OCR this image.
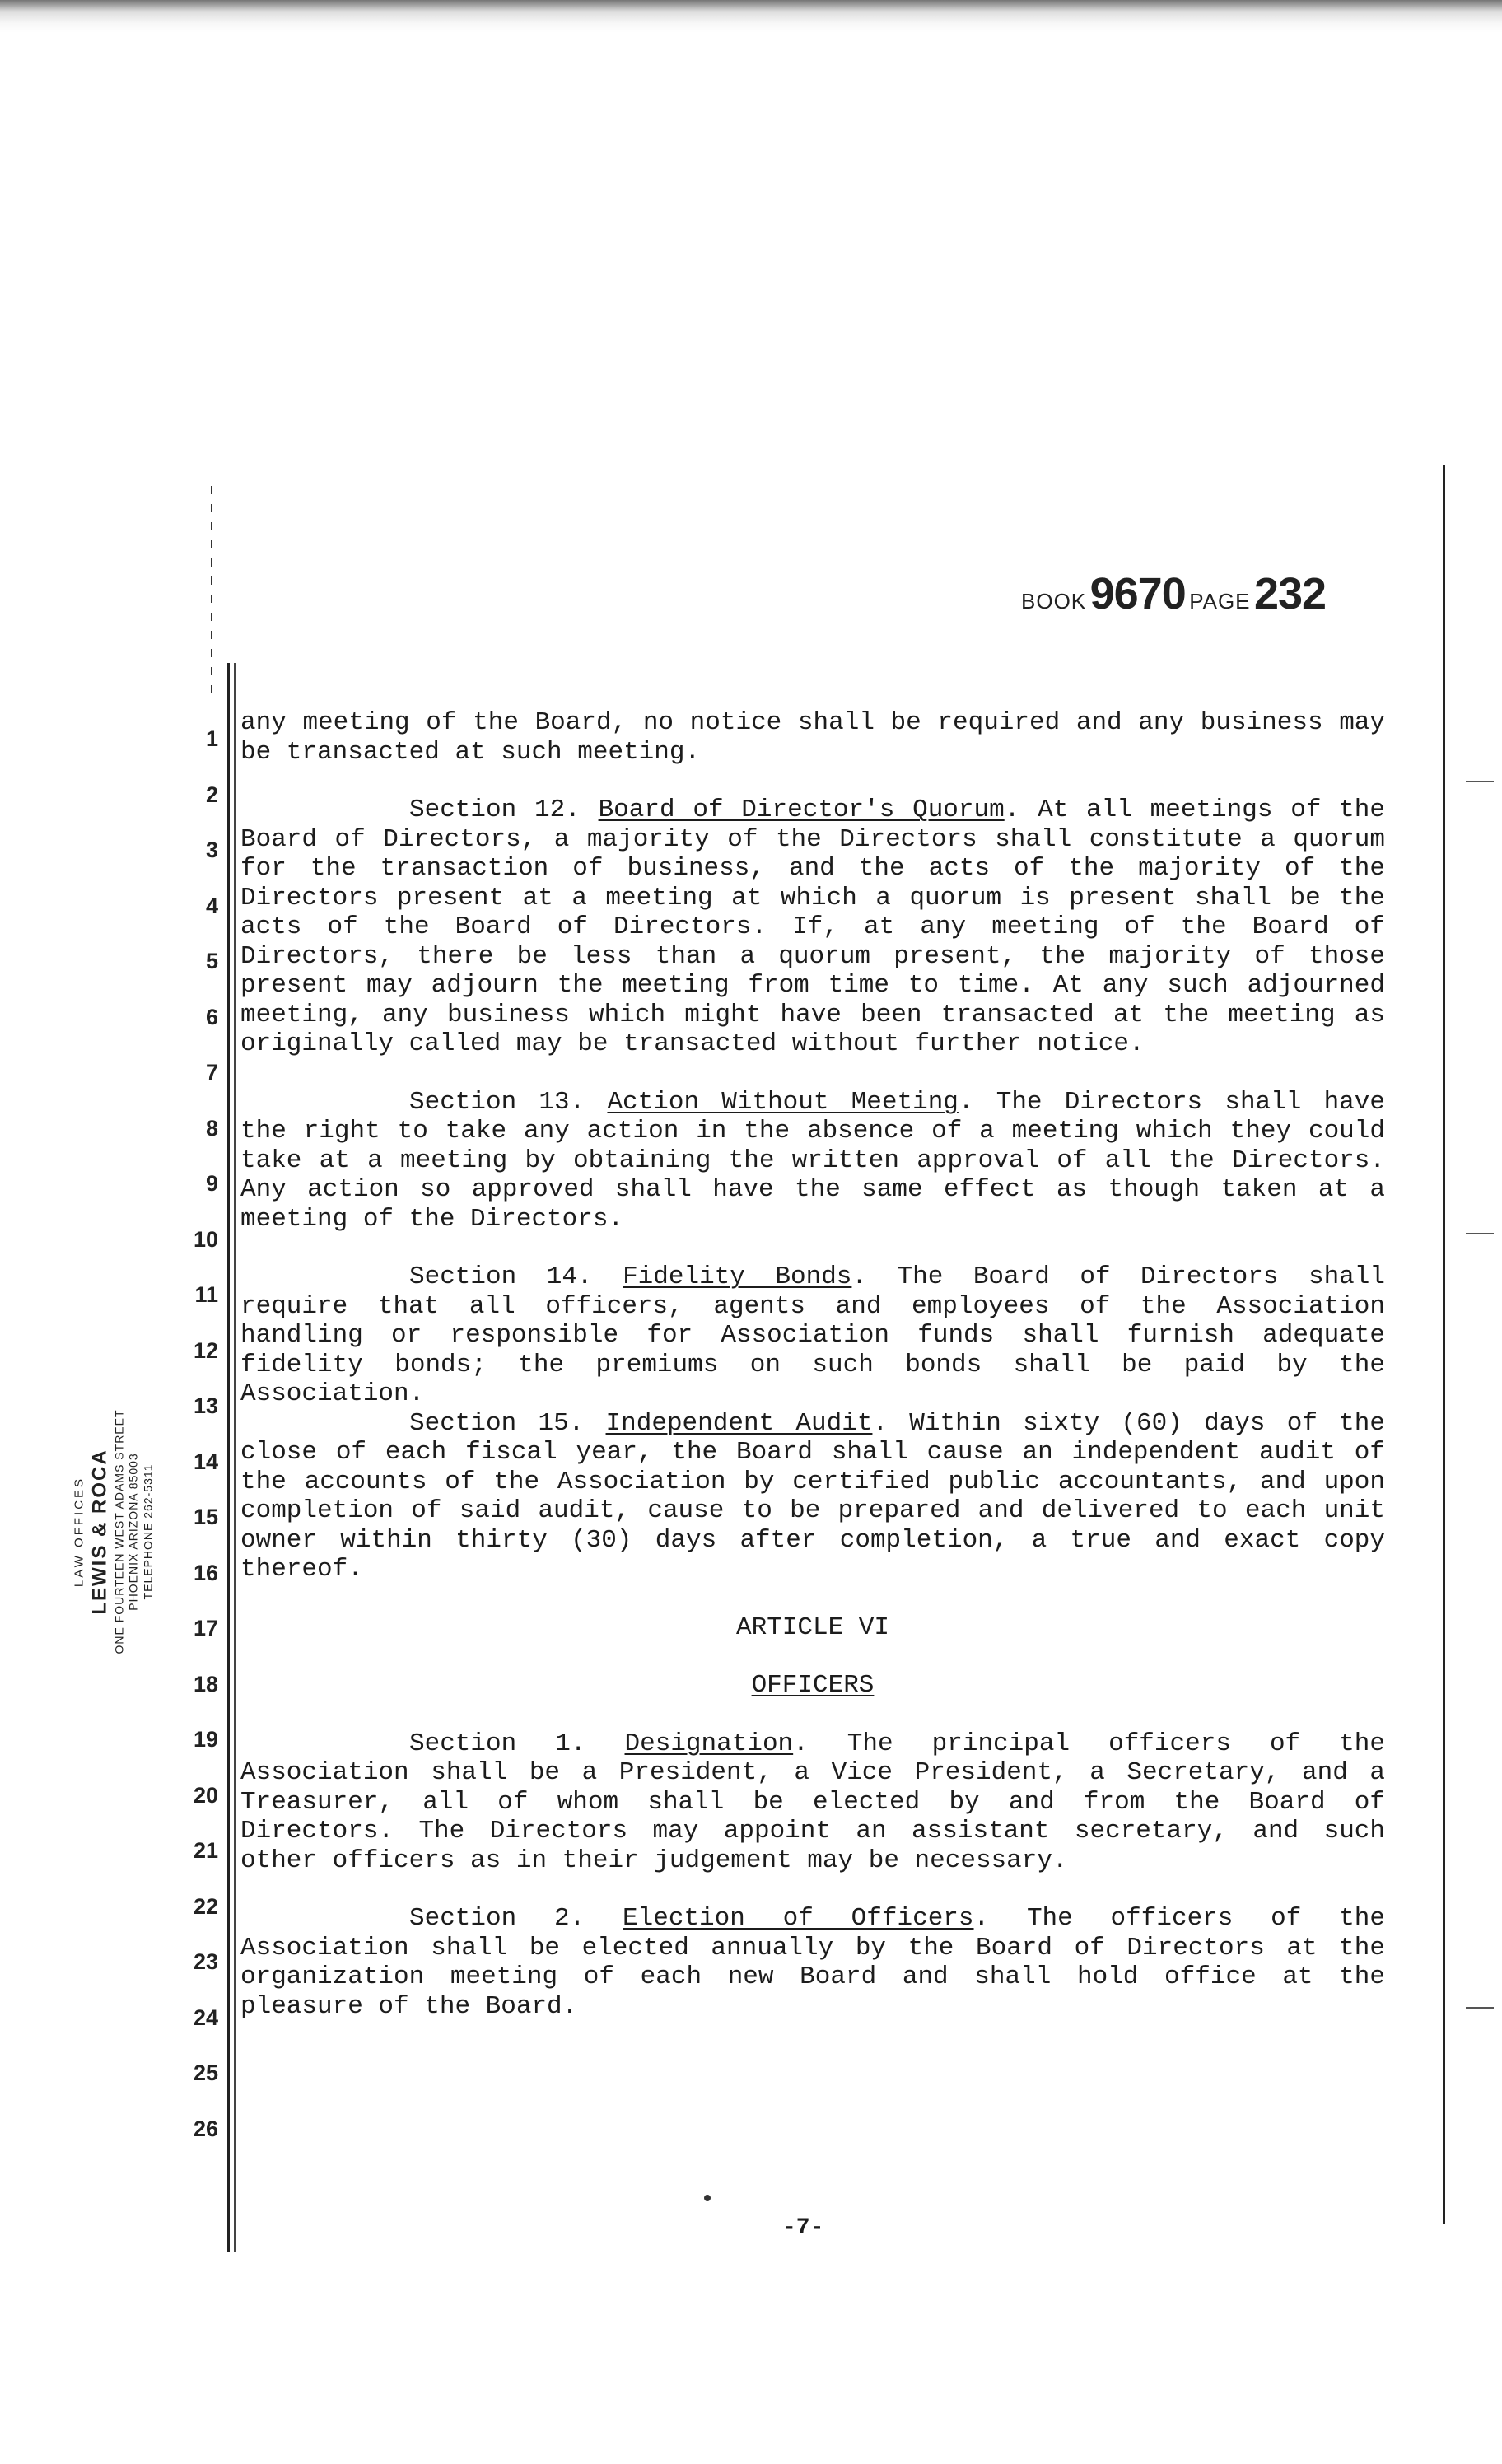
BOOK 9670 PAGE 232
LAW OFFICES LEWIS & ROCA ONE FOURTEEN WEST ADAMS STREET PHOENIX ARIZONA 85003 TELEPHONE 262-5311
1
2
3
4
5
6
7
8
9
10
11
12
13
14
15
16
17
18
19
20
21
22
23
24
25
26

any meeting of the Board, no notice shall be required and any business may be transacted at such meeting.

Section 12. Board of Director's Quorum. At all meetings of the Board of Directors, a majority of the Directors shall constitute a quorum for the transaction of business, and the acts of the majority of the Directors present at a meeting at which a quorum is present shall be the acts of the Board of Directors. If, at any meeting of the Board of Directors, there be less than a quorum present, the majority of those present may adjourn the meeting from time to time. At any such adjourned meeting, any business which might have been transacted at the meeting as originally called may be transacted without further notice.

Section 13. Action Without Meeting. The Directors shall have the right to take any action in the absence of a meeting which they could take at a meeting by obtaining the written approval of all the Directors. Any action so approved shall have the same effect as though taken at a meeting of the Directors.

Section 14. Fidelity Bonds. The Board of Directors shall require that all officers, agents and employees of the Association handling or responsible for Association funds shall furnish adequate fidelity bonds; the premiums on such bonds shall be paid by the Association.

Section 15. Independent Audit. Within sixty (60) days of the close of each fiscal year, the Board shall cause an independent audit of the accounts of the Association by certified public accountants, and upon completion of said audit, cause to be prepared and delivered to each unit owner within thirty (30) days after completion, a true and exact copy thereof.

ARTICLE VI

OFFICERS

Section 1. Designation. The principal officers of the Association shall be a President, a Vice President, a Secretary, and a Treasurer, all of whom shall be elected by and from the Board of Directors. The Directors may appoint an assistant secretary, and such other officers as in their judgement may be necessary.

Section 2. Election of Officers. The officers of the Association shall be elected annually by the Board of Directors at the organization meeting of each new Board and shall hold office at the pleasure of the Board.

-7-
